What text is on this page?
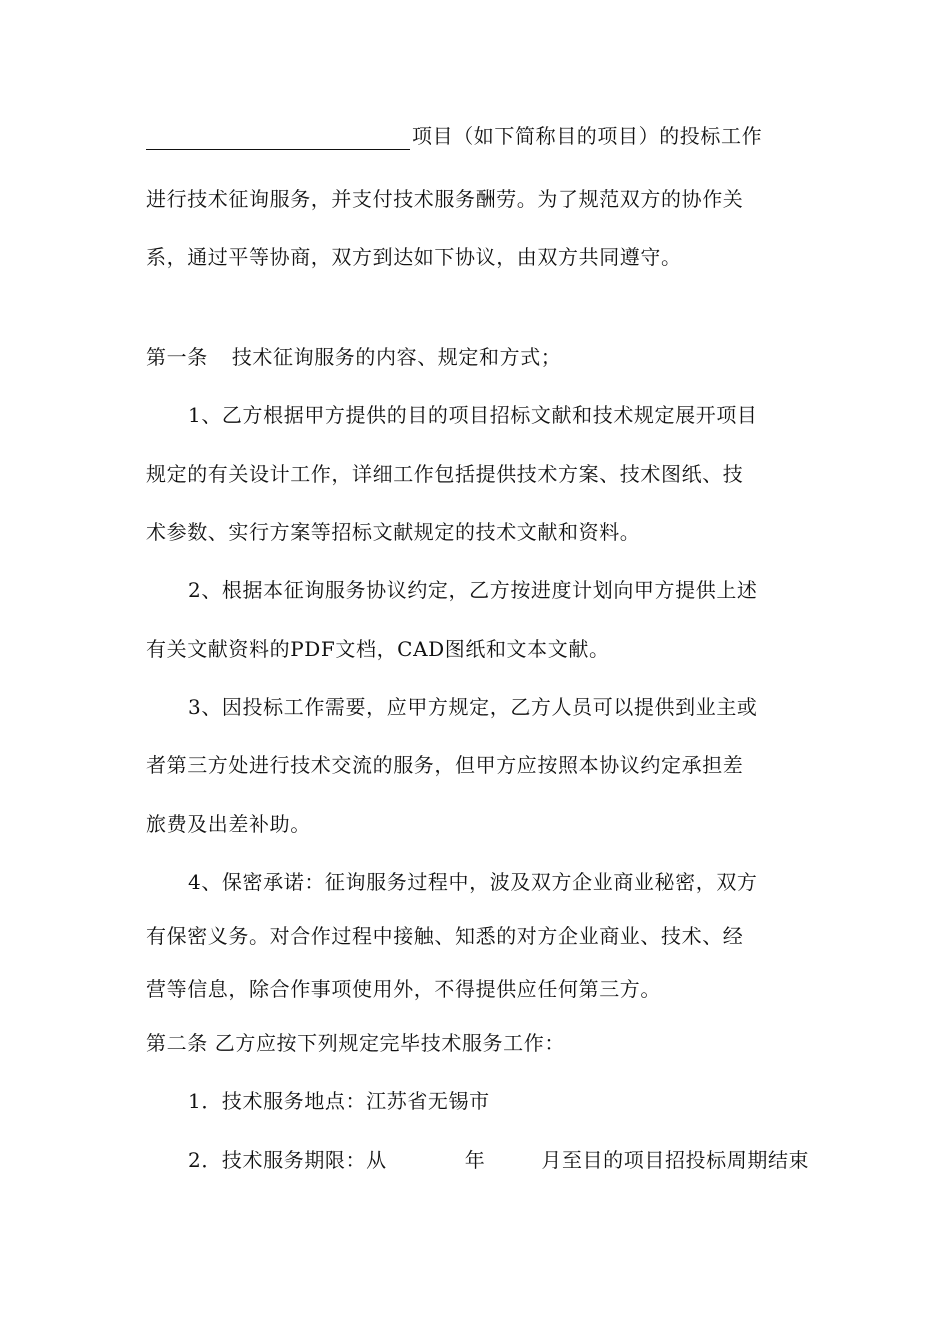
项目（如下简称目的项目）的投标工作
进行技术征询服务，并支付技术服务酬劳。为了规范双方的协作关
系，通过平等协商，双方到达如下协议，由双方共同遵守。
第一条 技术征询服务的内容、规定和方式；
1、乙方根据甲方提供的目的项目招标文献和技术规定展开项目
规定的有关设计工作，详细工作包括提供技术方案、技术图纸、技
术参数、实行方案等招标文献规定的技术文献和资料。
2、根据本征询服务协议约定，乙方按进度计划向甲方提供上述
有关文献资料的PDF文档，CAD图纸和文本文献。
3、因投标工作需要，应甲方规定，乙方人员可以提供到业主或
者第三方处进行技术交流的服务，但甲方应按照本协议约定承担差
旅费及出差补助。
4、保密承诺：征询服务过程中，波及双方企业商业秘密，双方
有保密义务。对合作过程中接触、知悉的对方企业商业、技术、经
营等信息，除合作事项使用外，不得提供应任何第三方。
第二条 乙方应按下列规定完毕技术服务工作：
1．技术服务地点：江苏省无锡市
2．技术服务期限：从	年	月至目的项目招投标周期结束
